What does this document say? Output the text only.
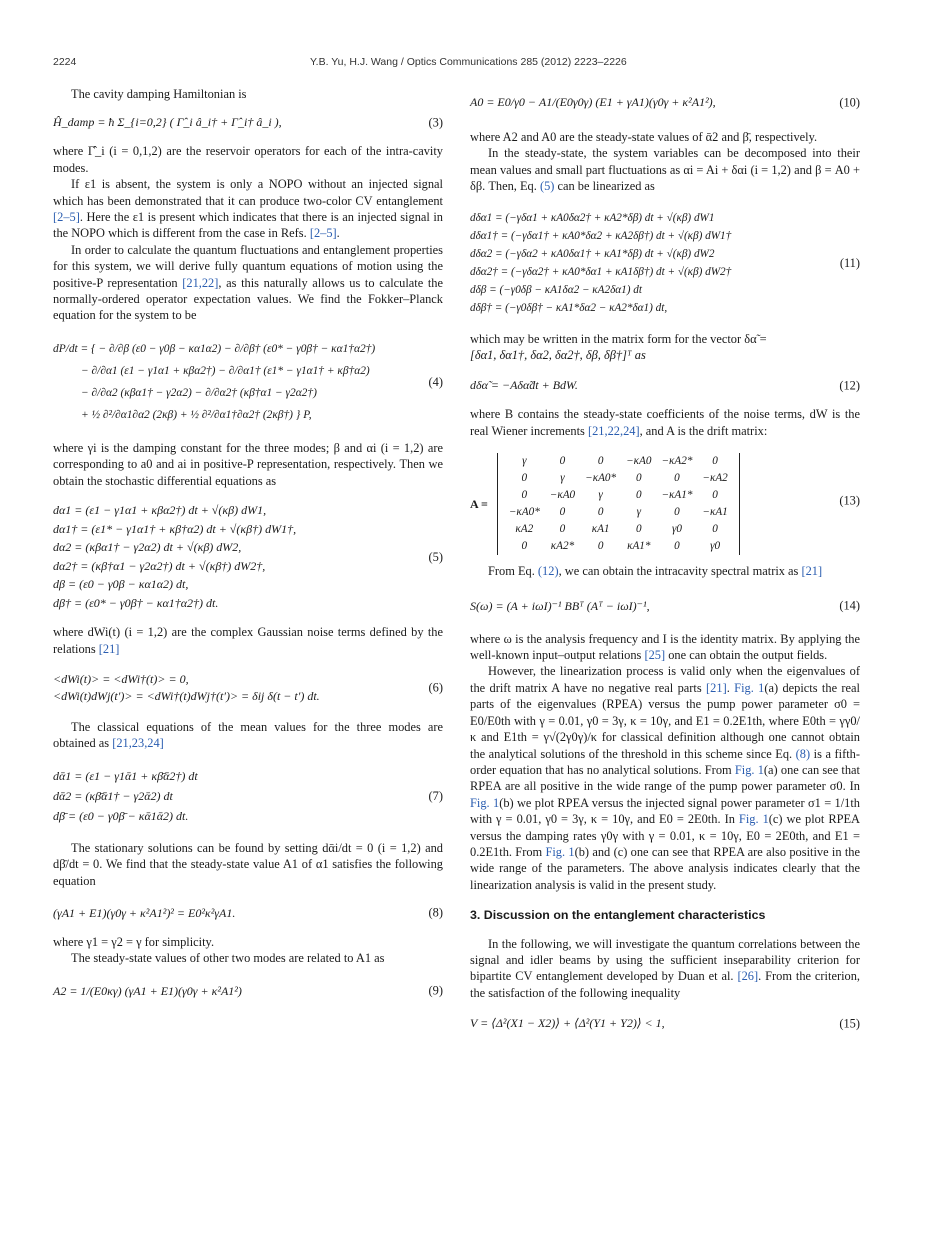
2224	Y.B. Yu, H.J. Wang / Optics Communications 285 (2012) 2223–2226

The cavity damping Hamiltonian is

Ĥ_damp = ħ Σ_{i=0,2} ( Γ̂_i â_i† + Γ̂_i† â_i ),	(3)

where Γ̂_i (i = 0,1,2) are the reservoir operators for each of the intra-cavity modes.

If ε1 is absent, the system is only a NOPO without an injected signal which has been demonstrated that it can produce two-color CV entanglement [2–5]. Here the ε1 is present which indicates that there is an injected signal in the NOPO which is different from the case in Refs. [2–5].

In order to calculate the quantum fluctuations and entanglement properties for this system, we will derive fully quantum equations of motion using the positive-P representation [21,22], as this naturally allows us to calculate the normally-ordered operator expectation values. We find the Fokker–Planck equation for the system to be

dP/dt = { − ∂/∂β (ε0 − γ0β − κα1α2) − ∂/∂β† (ε0* − γ0β† − κα1†α2†)
− ∂/∂α1 (ε1 − γ1α1 + κβα2†) − ∂/∂α1† (ε1* − γ1α1† + κβ†α2)
− ∂/∂α2 (κβα1† − γ2α2) − ∂/∂α2† (κβ†α1 − γ2α2†)
+ ½ ∂²/∂α1∂α2 (2κβ) + ½ ∂²/∂α1†∂α2† (2κβ†) } P,
(4)

where γi is the damping constant for the three modes; β and αi (i = 1,2) are corresponding to a0 and ai in positive-P representation, respectively. Then we obtain the stochastic differential equations as

dα1 = (ε1 − γ1α1 + κβα2†) dt + √(κβ) dW1,
dα1† = (ε1* − γ1α1† + κβ†α2) dt + √(κβ†) dW1†,
dα2 = (κβα1† − γ2α2) dt + √(κβ) dW2,
dα2† = (κβ†α1 − γ2α2†) dt + √(κβ†) dW2†,
dβ = (ε0 − γ0β − κα1α2) dt,
dβ† = (ε0* − γ0β† − κα1†α2†) dt.
(5)

where dWi(t) (i = 1,2) are the complex Gaussian noise terms defined by the relations [21]

<dWi(t)> = <dWi†(t)> = 0,
<dWi(t)dWj(t′)> = <dWi†(t)dWj†(t′)> = δij δ(t − t′) dt.
(6)

The classical equations of the mean values for the three modes are obtained as [21,23,24]

dᾱ1 = (ε1 − γ1ᾱ1 + κβ̄ᾱ2†) dt
dᾱ2 = (κβ̄ᾱ1† − γ2ᾱ2) dt
dβ̄ = (ε0 − γ0β̄ − κᾱ1ᾱ2) dt.
(7)

The stationary solutions can be found by setting dᾱi/dt = 0 (i = 1,2) and dβ̄/dt = 0. We find that the steady-state value A1 of α1 satisfies the following equation

(γA1 + E1)(γ0γ + κ²A1²)² = E0²κ²γA1.	(8)

where γ1 = γ2 = γ for simplicity.

The steady-state values of other two modes are related to A1 as

A2 = 1/(E0κγ) (γA1 + E1)(γ0γ + κ²A1²)	(9)
A0 = E0/γ0 − A1/(E0γ0γ) (E1 + γA1)(γ0γ + κ²A1²),	(10)

where A2 and A0 are the steady-state values of ᾱ2 and β̄, respectively.

In the steady-state, the system variables can be decomposed into their mean values and small part fluctuations as αi = Ai + δαi (i = 1,2) and β = A0 + δβ. Then, Eq. (5) can be linearized as

dδα1 = (−γδα1 + κA0δα2† + κA2*δβ) dt + √(κβ) dW1
dδα1† = (−γδα1† + κA0*δα2 + κA2δβ†) dt + √(κβ) dW1†
dδα2 = (−γδα2 + κA0δα1† + κA1*δβ) dt + √(κβ) dW2
dδα2† = (−γδα2† + κA0*δα1 + κA1δβ†) dt + √(κβ) dW2†
dδβ = (−γ0δβ − κA1δα2 − κA2δα1) dt
dδβ† = (−γ0δβ† − κA1*δα2 − κA2*δα1) dt,
(11)

which may be written in the matrix form for the vector δα̃ =

[δα1, δα1†, δα2, δα2†, δβ, δβ†]ᵀ as

dδα̃ = −Aδα̃dt + BdW.	(12)

where B contains the steady-state coefficients of the noise terms, dW is the real Wiener increments [21,22,24], and A is the drift matrix:

A =
γ	0	0	−κA0	−κA2*	0
0	γ	−κA0*	0	0	−κA2
0	−κA0	γ	0	−κA1*	0
−κA0*	0	0	γ	0	−κA1
κA2	0	κA1	0	γ0	0
0	κA2*	0	κA1*	0	γ0
(13)

From Eq. (12), we can obtain the intracavity spectral matrix as [21]

S(ω) = (A + iωI)⁻¹ BBᵀ (Aᵀ − iωI)⁻¹,	(14)

where ω is the analysis frequency and I is the identity matrix. By applying the well-known input–output relations [25] one can obtain the output fields.

However, the linearization process is valid only when the eigenvalues of the drift matrix A have no negative real parts [21]. Fig. 1(a) depicts the real parts of the eigenvalues (RPEA) versus the pump power parameter σ0 = E0/E0th with γ = 0.01, γ0 = 3γ, κ = 10γ, and E1 = 0.2E1th, where E0th = γγ0/κ and E1th = γ√(2γ0γ)/κ for classical definition although one cannot obtain the analytical solutions of the threshold in this scheme since Eq. (8) is a fifth-order equation that has no analytical solutions. From Fig. 1(a) one can see that RPEA are all positive in the wide range of the pump power parameter σ0. In Fig. 1(b) we plot RPEA versus the injected signal power parameter σ1 = 1/1th with γ = 0.01, γ0 = 3γ, κ = 10γ, and E0 = 2E0th. In Fig. 1(c) we plot RPEA versus the damping rates γ0γ with γ = 0.01, κ = 10γ, E0 = 2E0th, and E1 = 0.2E1th. From Fig. 1(b) and (c) one can see that RPEA are also positive in the wide range of the parameters. The above analysis indicates clearly that the linearization analysis is valid in the present study.

3. Discussion on the entanglement characteristics

In the following, we will investigate the quantum correlations between the signal and idler beams by using the sufficient inseparability criterion for bipartite CV entanglement developed by Duan et al. [26]. From the criterion, the satisfaction of the following inequality

V = ⟨Δ²(X1 − X2)⟩ + ⟨Δ²(Y1 + Y2)⟩ < 1,	(15)
